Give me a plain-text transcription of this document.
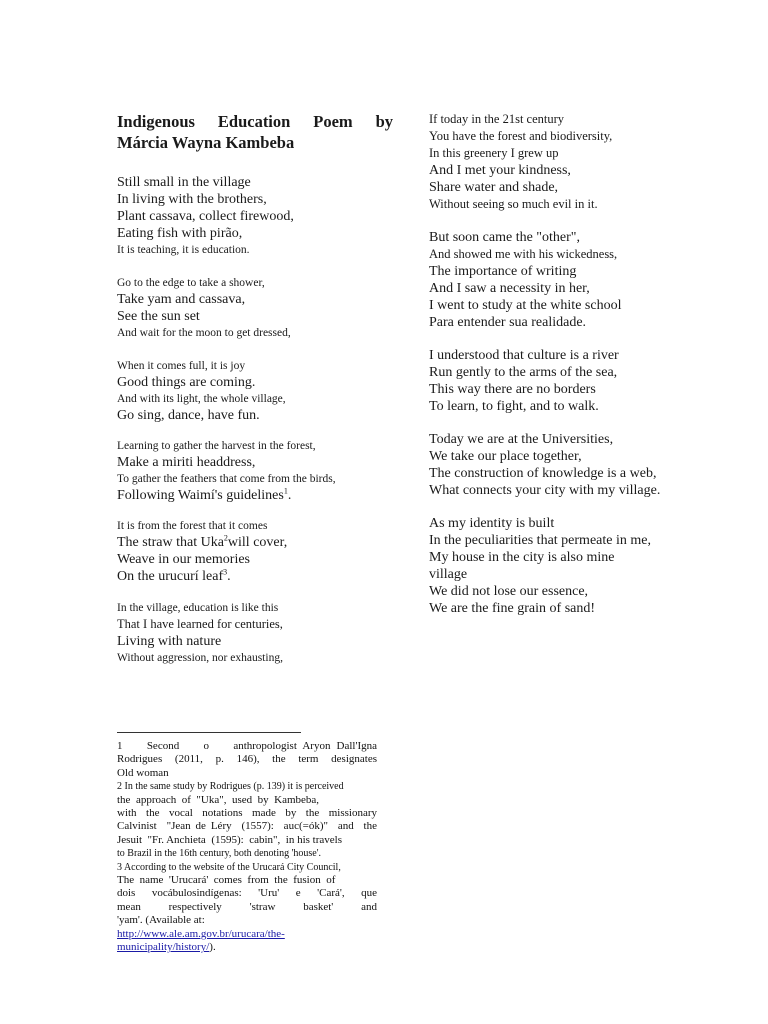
Indigenous Education Poem by
Márcia Wayna Kambeba
Still small in the village
In living with the brothers,
Plant cassava, collect firewood,
Eating fish with pirão,
It is teaching, it is education.
Go to the edge to take a shower,
Take yam and cassava,
See the sun set
And wait for the moon to get dressed,
When it comes full, it is joy
Good things are coming.
And with its light, the whole village,
Go sing, dance, have fun.
Learning to gather the harvest in the forest,
Make a miriti headdress,
To gather the feathers that come from the birds,
Following Waimí's guidelines$^1$.
It is from the forest that it comes
The straw that Uka$^2$will cover,
Weave in our memories
On the urucurí leaf$^3$.
In the village, education is like this
That I have learned for centuries,
Living with nature
Without aggression, nor exhausting,
If today in the 21st century
You have the forest and biodiversity,
In this greenery I grew up
And I met your kindness,
Share water and shade,
Without seeing so much evil in it.
But soon came the "other",
And showed me with his wickedness,
The importance of writing
And I saw a necessity in her,
I went to study at the white school
Para entender sua realidade.
I understood that culture is a river
Run gently to the arms of the sea,
This way there are no borders
To learn, to fight, and to walk.
Today we are at the Universities,
We take our place together,
The construction of knowledge is a web,
What connects your city with my village.
As my identity is built
In the peculiarities that permeate in me,
My house in the city is also mine
village
We did not lose our essence,
We are the fine grain of sand!
1    Second    o    anthropologist Aryon Dall'Igna
Rodrigues  (2011,  p.  146),  the  term  designates
Old woman
2 In the same study by Rodrigues (p. 139) it is perceived
the  approach  of  "Uka",  used  by  Kambeba,
with  the  vocal  notations  made  by  the  missionary
Calvinist  "Jean de Léry  (1557):  auc(=ók)"  and  the
Jesuit  "Fr. Anchieta  (1595):  cabin",  in his travels
to Brazil in the 16th century, both denoting 'house'.
3 According to the website of the Urucará City Council,
The  name  'Urucará'  comes  from  the  fusion  of
dois   vocábulosindígenas:   'Uru'   e   'Cará',   que
mean    respectively    'straw    basket'    and
'yam'. (Available at:
http://www.ale.am.gov.br/urucara/the-
municipality/history/).
